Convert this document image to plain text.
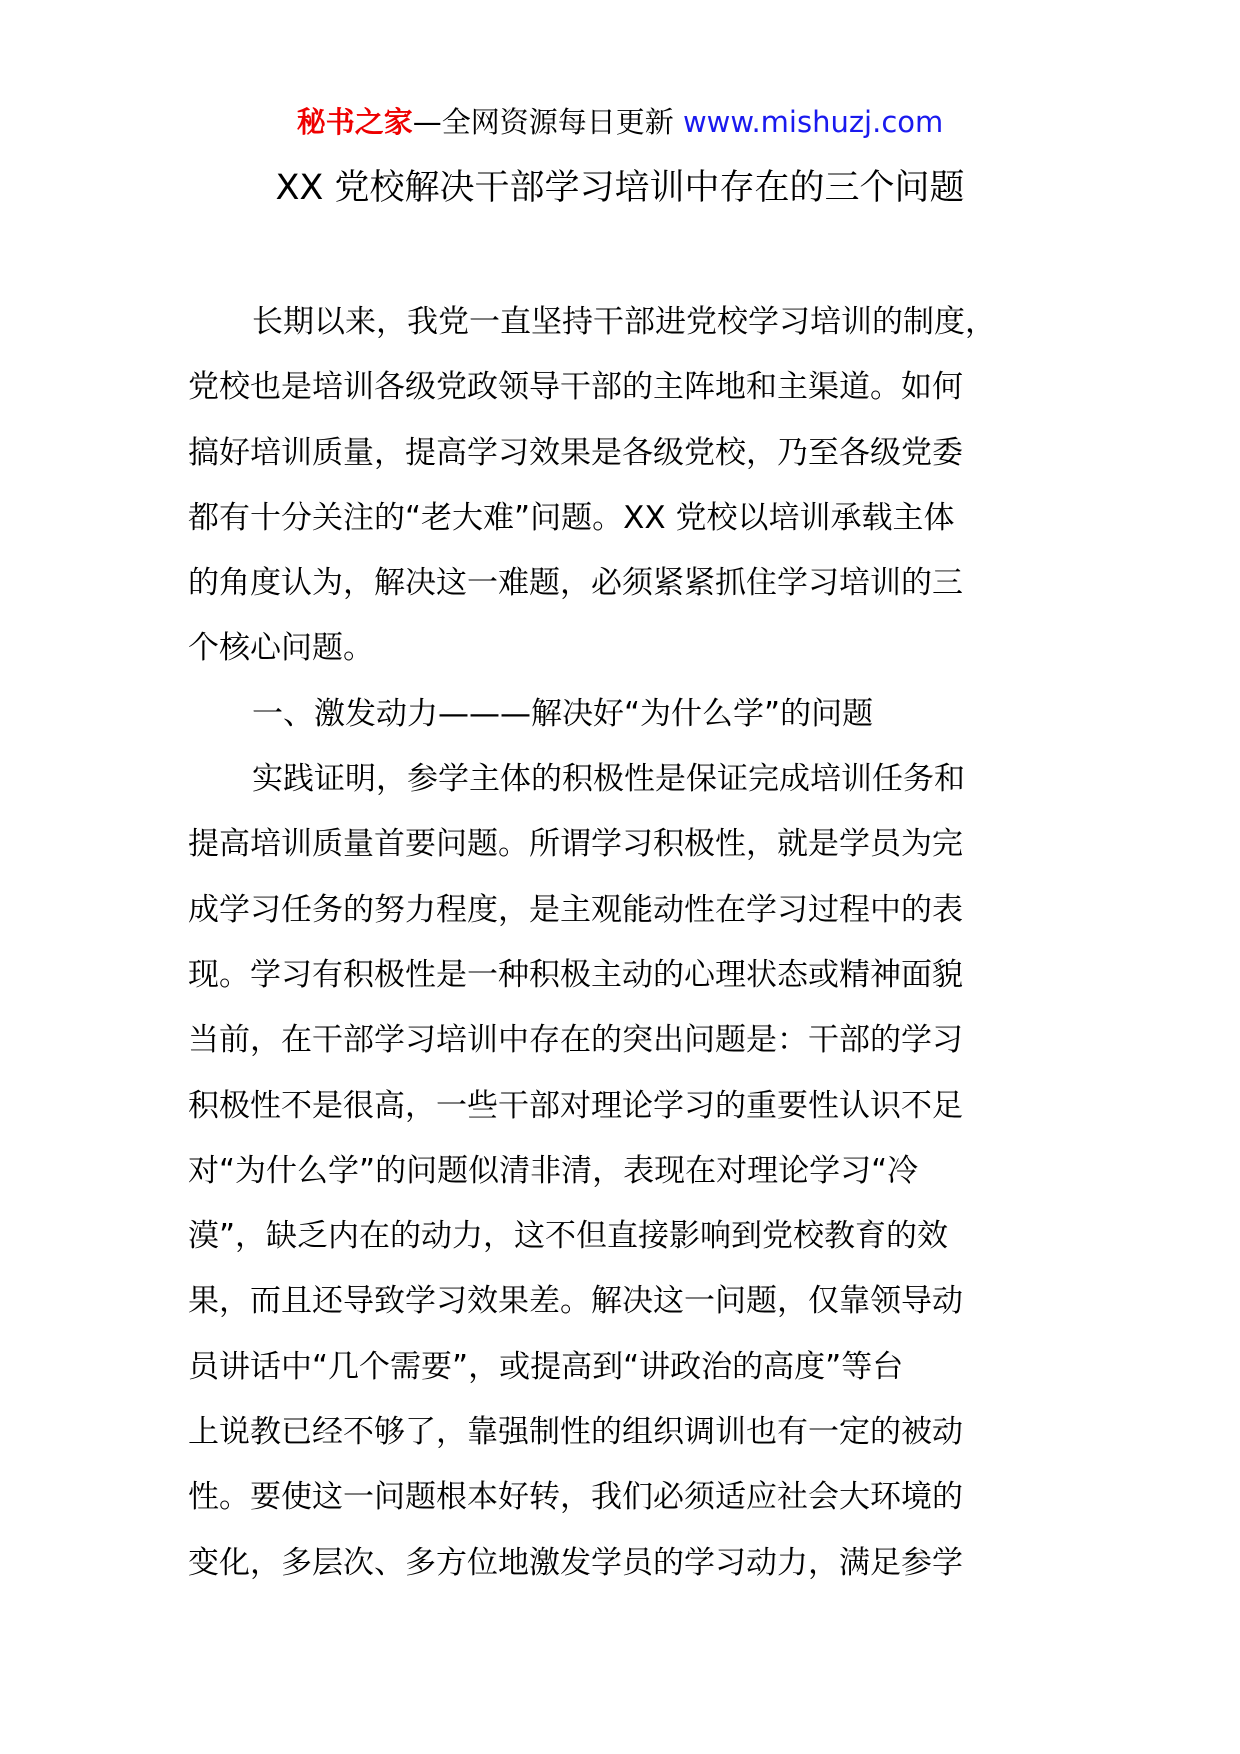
秘书之家—全网资源每日更新 www.mishuzj.com
XX 党校解决干部学习培训中存在的三个问题
长期以来，我党一直坚持干部进党校学习培训的制度，
党校也是培训各级党政领导干部的主阵地和主渠道。如何
搞好培训质量，提高学习效果是各级党校，乃至各级党委
都有十分关注的“老大难”问题。XX 党校以培训承载主体
的角度认为，解决这一难题，必须紧紧抓住学习培训的三
个核心问题。
一、激发动力———解决好“为什么学”的问题
实践证明，参学主体的积极性是保证完成培训任务和
提高培训质量首要问题。所谓学习积极性，就是学员为完
成学习任务的努力程度，是主观能动性在学习过程中的表
现。学习有积极性是一种积极主动的心理状态或精神面貌
当前，在干部学习培训中存在的突出问题是：干部的学习
积极性不是很高，一些干部对理论学习的重要性认识不足
对“为什么学”的问题似清非清，表现在对理论学习“冷
漠”，缺乏内在的动力，这不但直接影响到党校教育的效
果，而且还导致学习效果差。解决这一问题，仅靠领导动
员讲话中“几个需要”，或提高到“讲政治的高度”等台
上说教已经不够了，靠强制性的组织调训也有一定的被动
性。要使这一问题根本好转，我们必须适应社会大环境的
变化，多层次、多方位地激发学员的学习动力，满足参学
